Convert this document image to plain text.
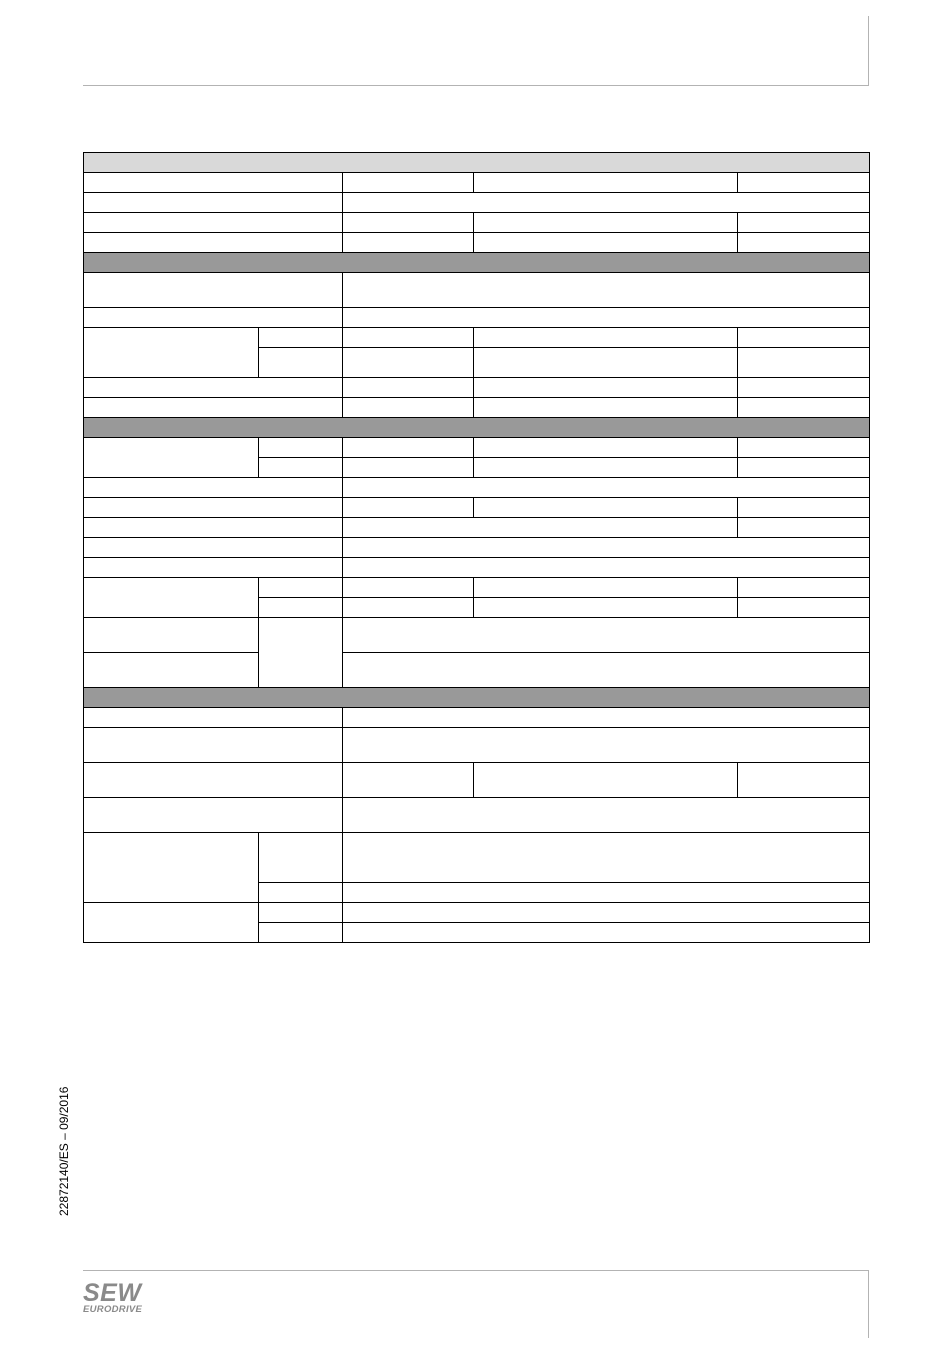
22872140/ES – 09/2016
SEW
EURODRIVE
